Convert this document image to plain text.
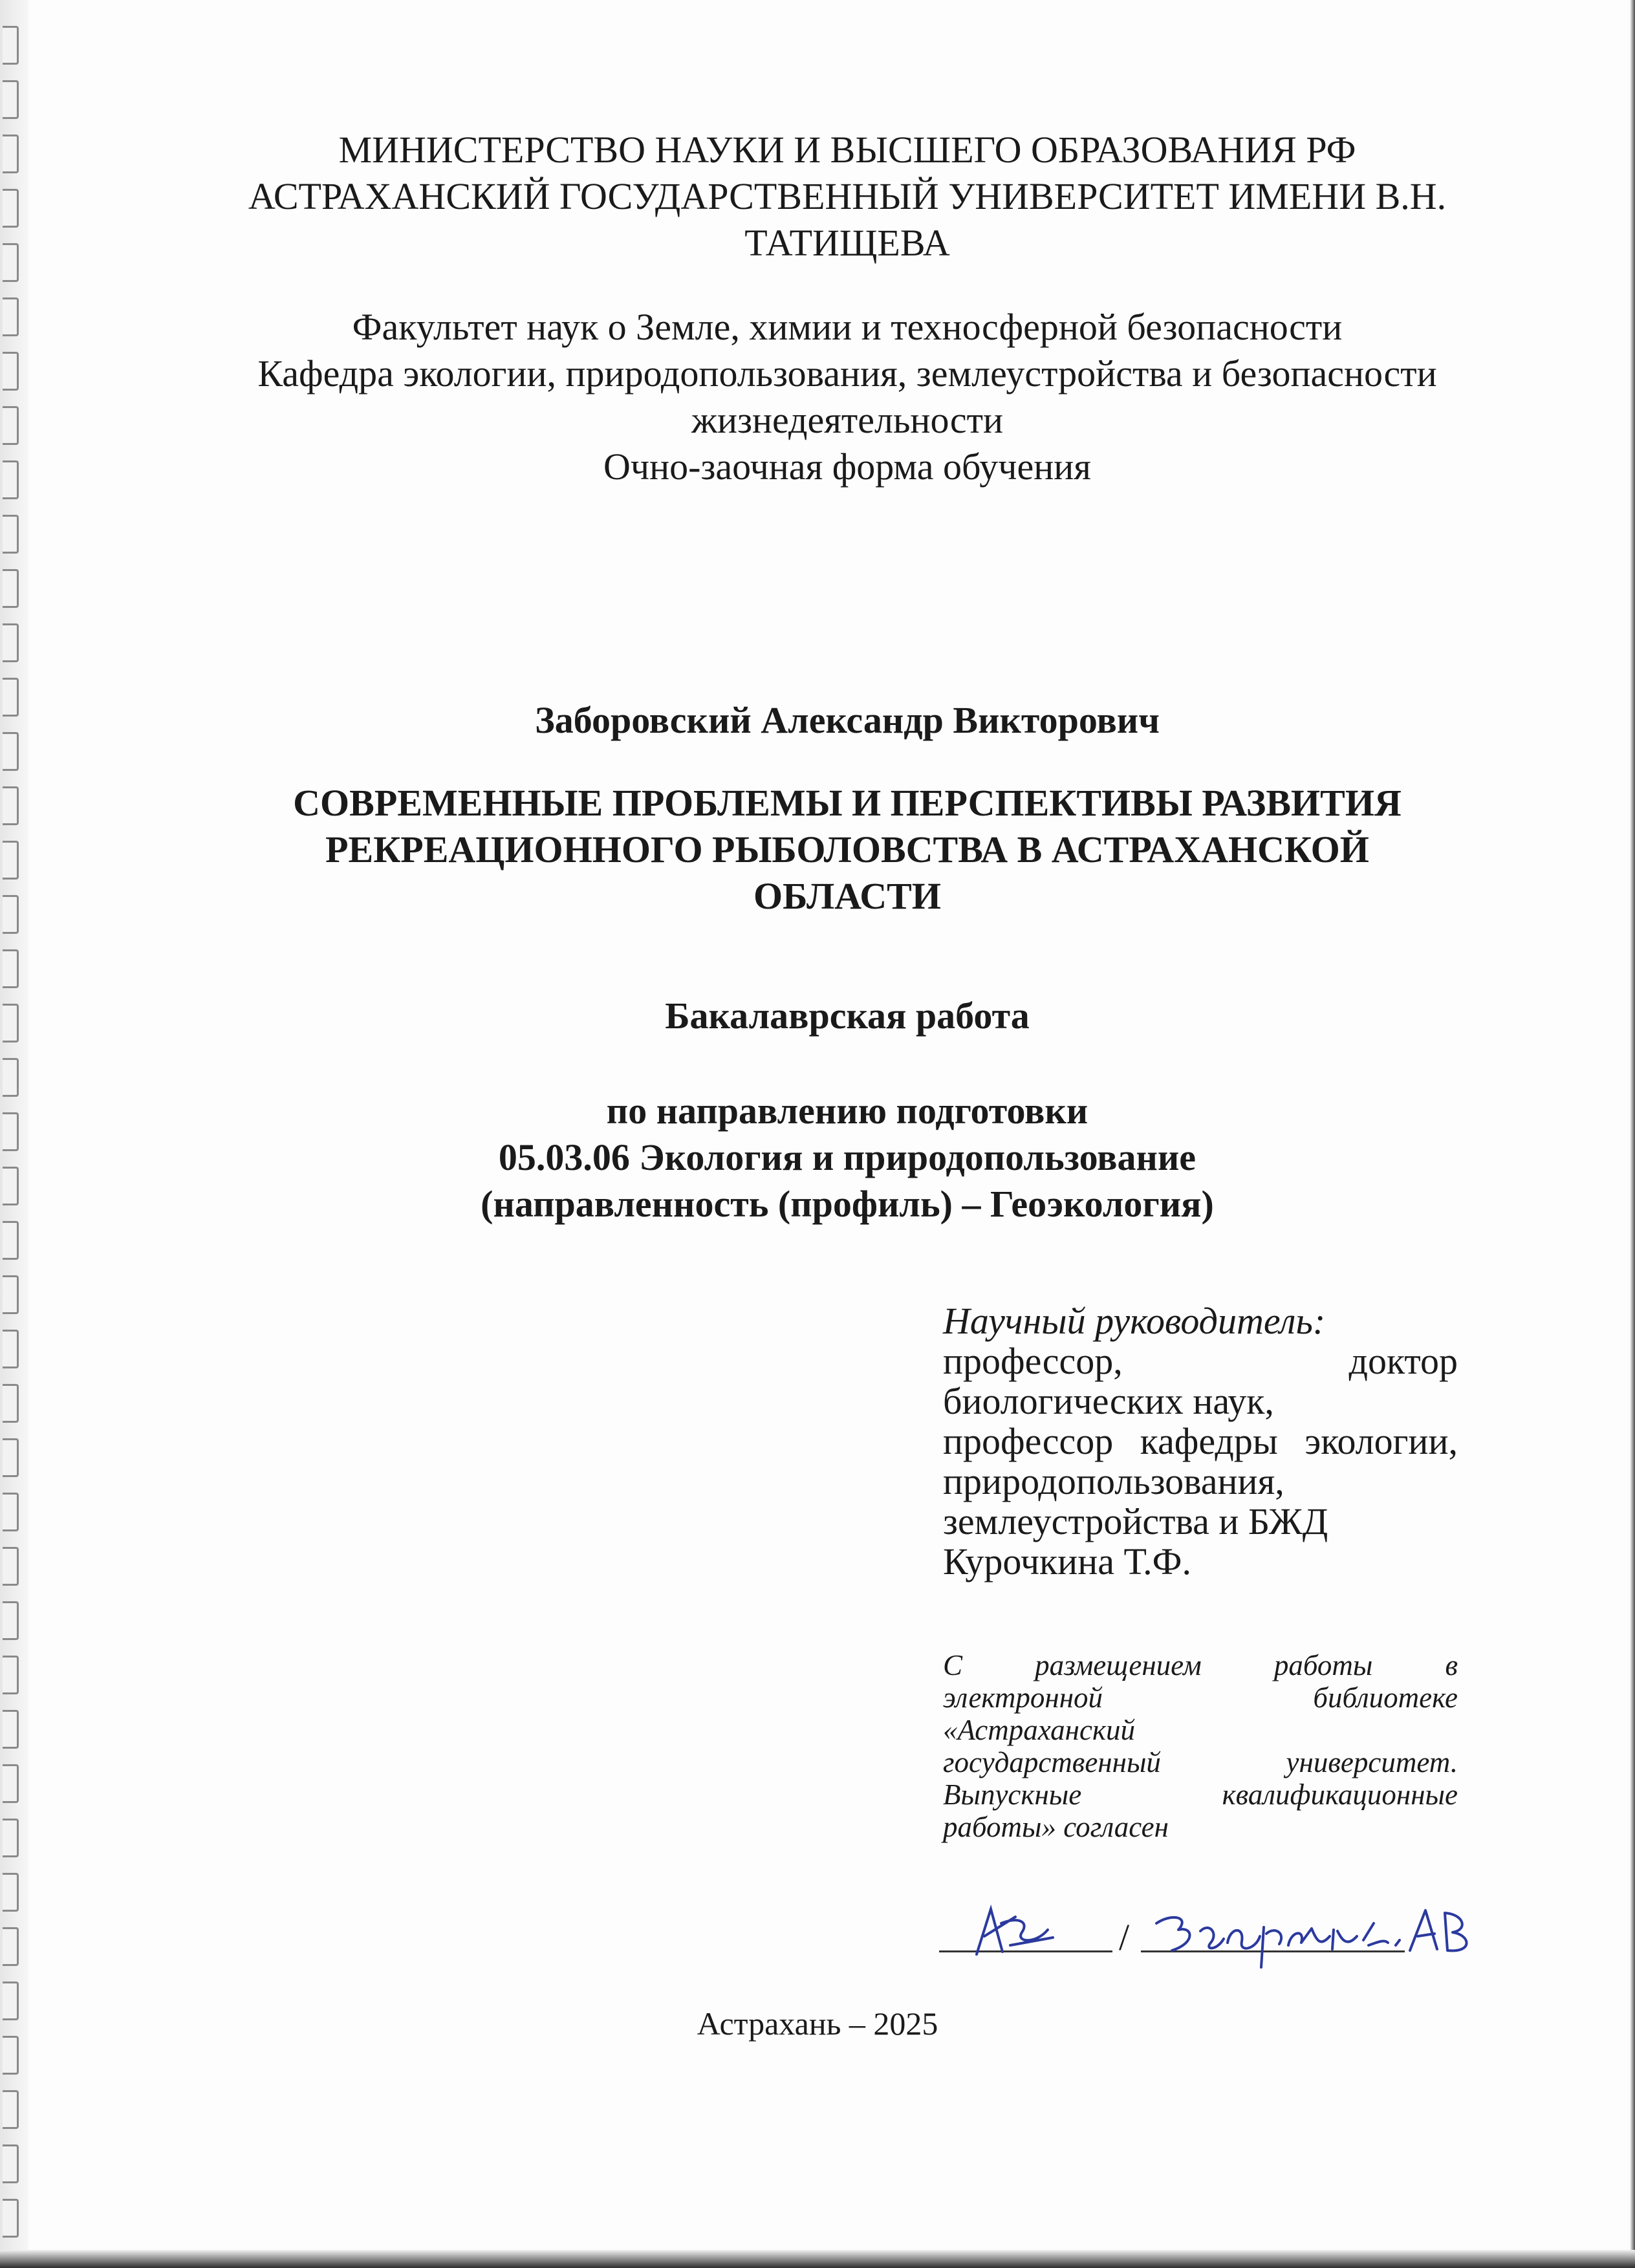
МИНИСТЕРСТВО НАУКИ И ВЫСШЕГО ОБРАЗОВАНИЯ РФ
АСТРАХАНСКИЙ ГОСУДАРСТВЕННЫЙ УНИВЕРСИТЕТ ИМЕНИ В.Н.
ТАТИЩЕВА
Факультет наук о Земле, химии и техносферной безопасности
Кафедра экологии, природопользования, землеустройства и безопасности
жизнедеятельности
Очно-заочная форма обучения
Заборовский Александр Викторович
СОВРЕМЕННЫЕ ПРОБЛЕМЫ И ПЕРСПЕКТИВЫ РАЗВИТИЯ
РЕКРЕАЦИОННОГО РЫБОЛОВСТВА В АСТРАХАНСКОЙ
ОБЛАСТИ
Бакалаврская работа
по направлению подготовки
05.03.06 Экология и природопользование
(направленность (профиль) – Геоэкология)
Научный руководитель:
профессор, доктор
биологических наук,
профессор кафедры экологии,
природопользования,
землеустройства и БЖД
Курочкина Т.Ф.
С размещением работы в
электронной библиотеке
«Астраханский
государственный университет.
Выпускные квалификационные
работы» согласен
/
Астрахань – 2025
